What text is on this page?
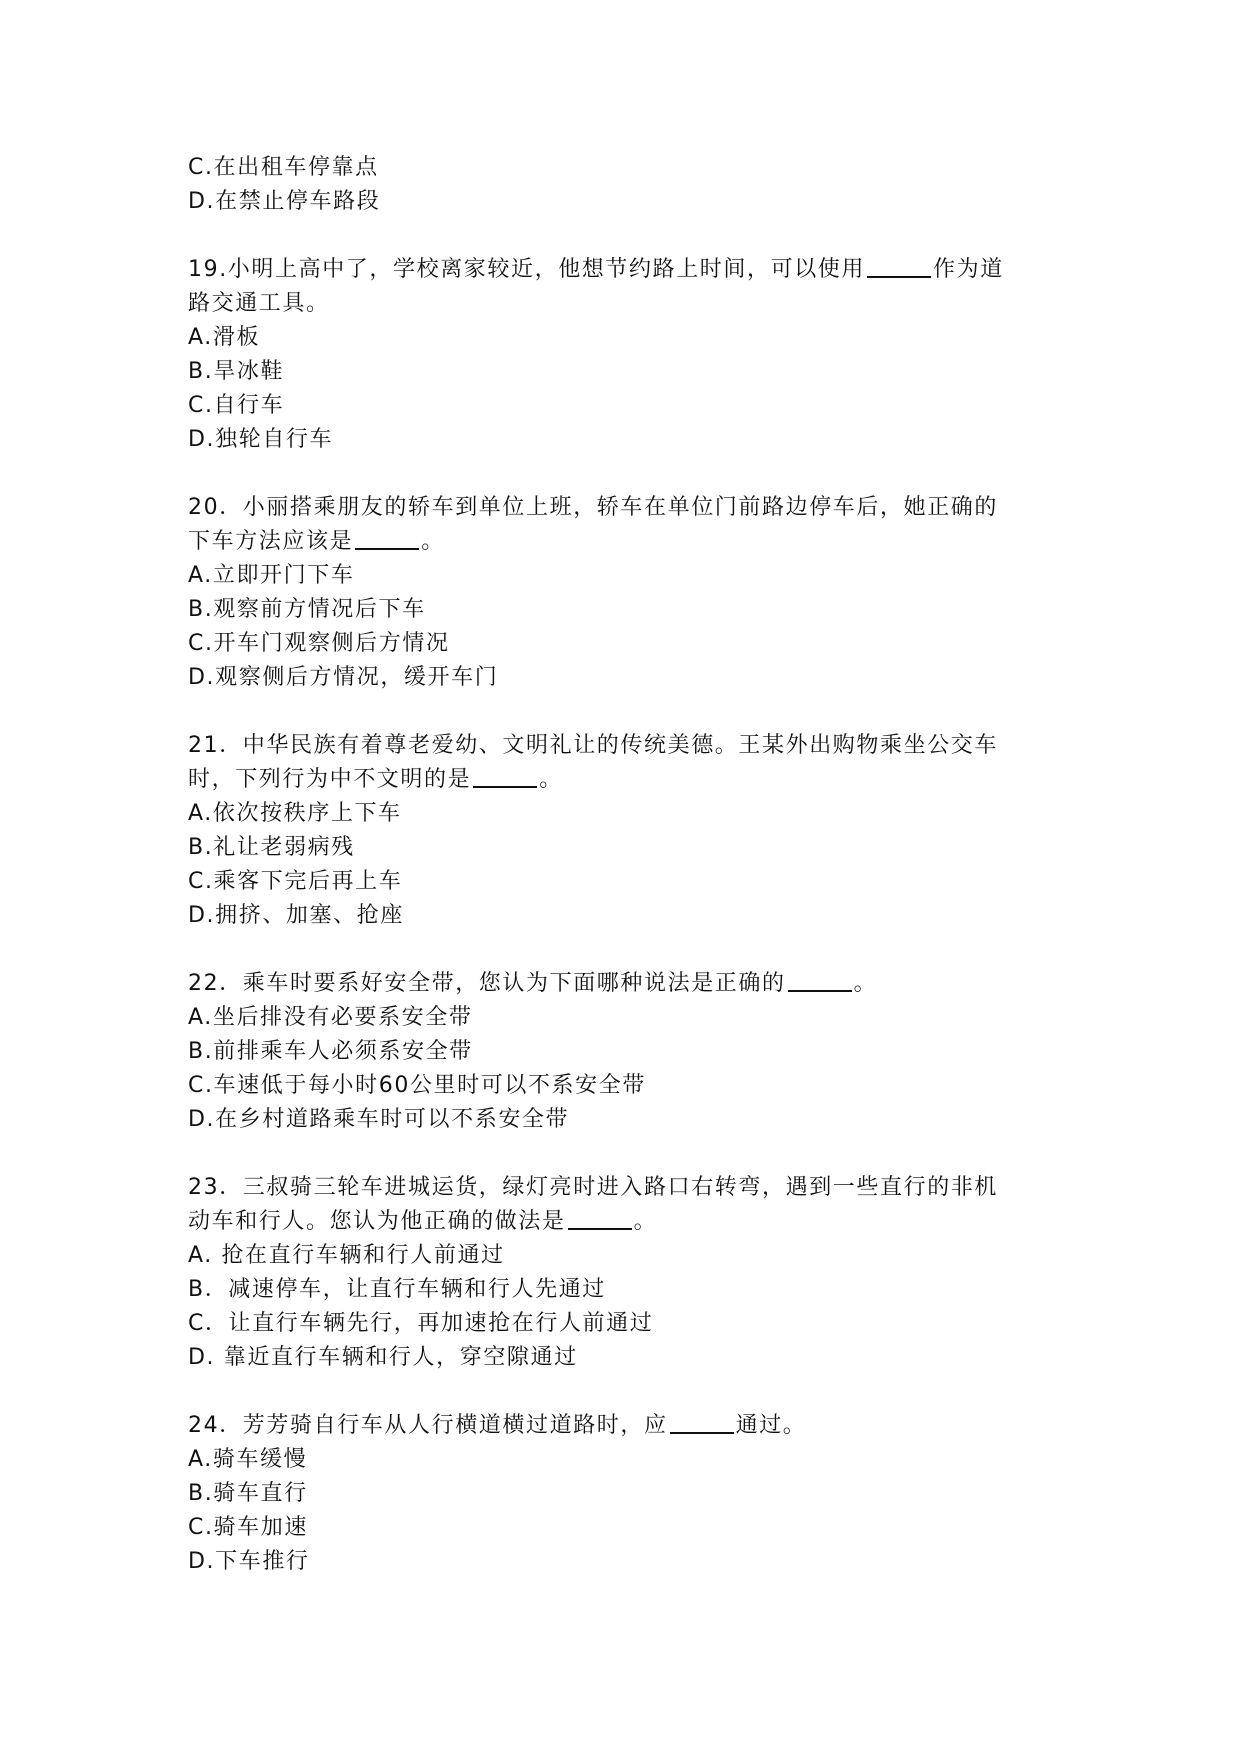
C.在出租车停靠点
D.在禁止停车路段
19.小明上高中了，学校离家较近，他想节约路上时间，可以使用	作为道
路交通工具。
A.滑板
B.旱冰鞋
C.自行车
D.独轮自行车
20．小丽搭乘朋友的轿车到单位上班，轿车在单位门前路边停车后，她正确的
下车方法应该是	。
A.立即开门下车
B.观察前方情况后下车
C.开车门观察侧后方情况
D.观察侧后方情况，缓开车门
21．中华民族有着尊老爱幼、文明礼让的传统美德。王某外出购物乘坐公交车
时，下列行为中不文明的是	。
A.依次按秩序上下车
B.礼让老弱病残
C.乘客下完后再上车
D.拥挤、加塞、抢座
22．乘车时要系好安全带，您认为下面哪种说法是正确的	。
A.坐后排没有必要系安全带
B.前排乘车人必须系安全带
C.车速低于每小时60公里时可以不系安全带
D.在乡村道路乘车时可以不系安全带
23．三叔骑三轮车进城运货，绿灯亮时进入路口右转弯，遇到一些直行的非机
动车和行人。您认为他正确的做法是	。
A. 抢在直行车辆和行人前通过
B．减速停车，让直行车辆和行人先通过
C．让直行车辆先行，再加速抢在行人前通过
D. 靠近直行车辆和行人，穿空隙通过
24．芳芳骑自行车从人行横道横过道路时，应	通过。
A.骑车缓慢
B.骑车直行
C.骑车加速
D.下车推行
